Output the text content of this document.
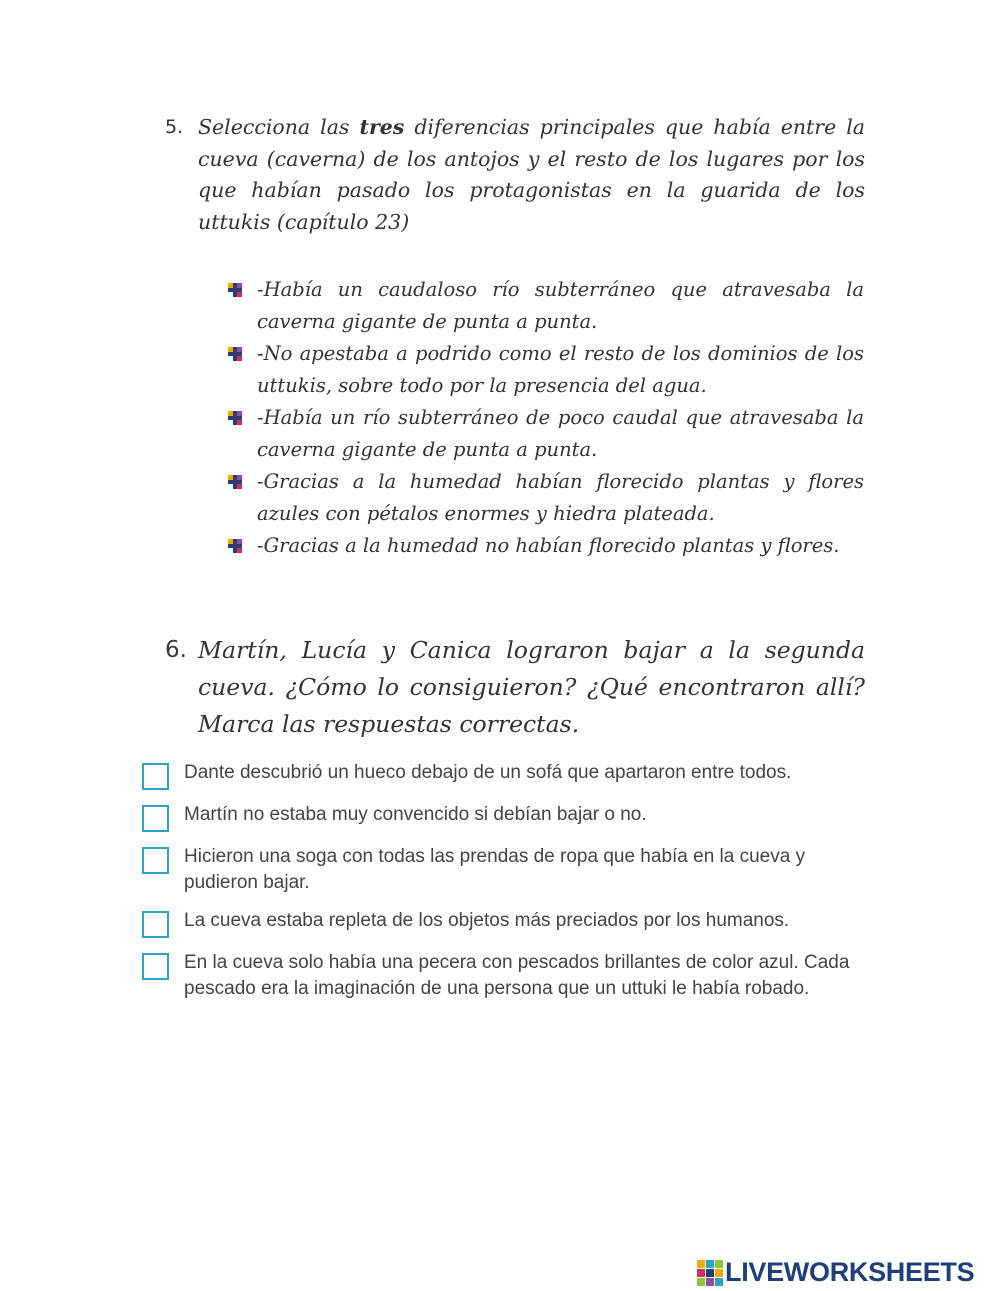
5. Selecciona las tres diferencias principales que había entre la cueva (caverna) de los antojos y el resto de los lugares por los que habían pasado los protagonistas en la guarida de los uttukis (capítulo 23)
-Había un caudaloso río subterráneo que atravesaba la caverna gigante de punta a punta.
-No apestaba a podrido como el resto de los dominios de los uttukis, sobre todo por la presencia del agua.
-Había un río subterráneo de poco caudal que atravesaba la caverna gigante de punta a punta.
-Gracias a la humedad habían florecido plantas y flores azules con pétalos enormes y hiedra plateada.
-Gracias a la humedad no habían florecido plantas y flores.
6. Martín, Lucía y Canica lograron bajar a la segunda cueva. ¿Cómo lo consiguieron? ¿Qué encontraron allí? Marca las respuestas correctas.
Dante descubrió un hueco debajo de un sofá que apartaron entre todos.
Martín no estaba muy convencido si debían bajar o no.
Hicieron una soga con todas las prendas de ropa que había en la cueva y pudieron bajar.
La cueva estaba repleta de los objetos más preciados por los humanos.
En la cueva solo había una pecera con pescados brillantes de color azul. Cada pescado era la imaginación de una persona que un uttuki le había robado.
LIVEWORKSHEETS
